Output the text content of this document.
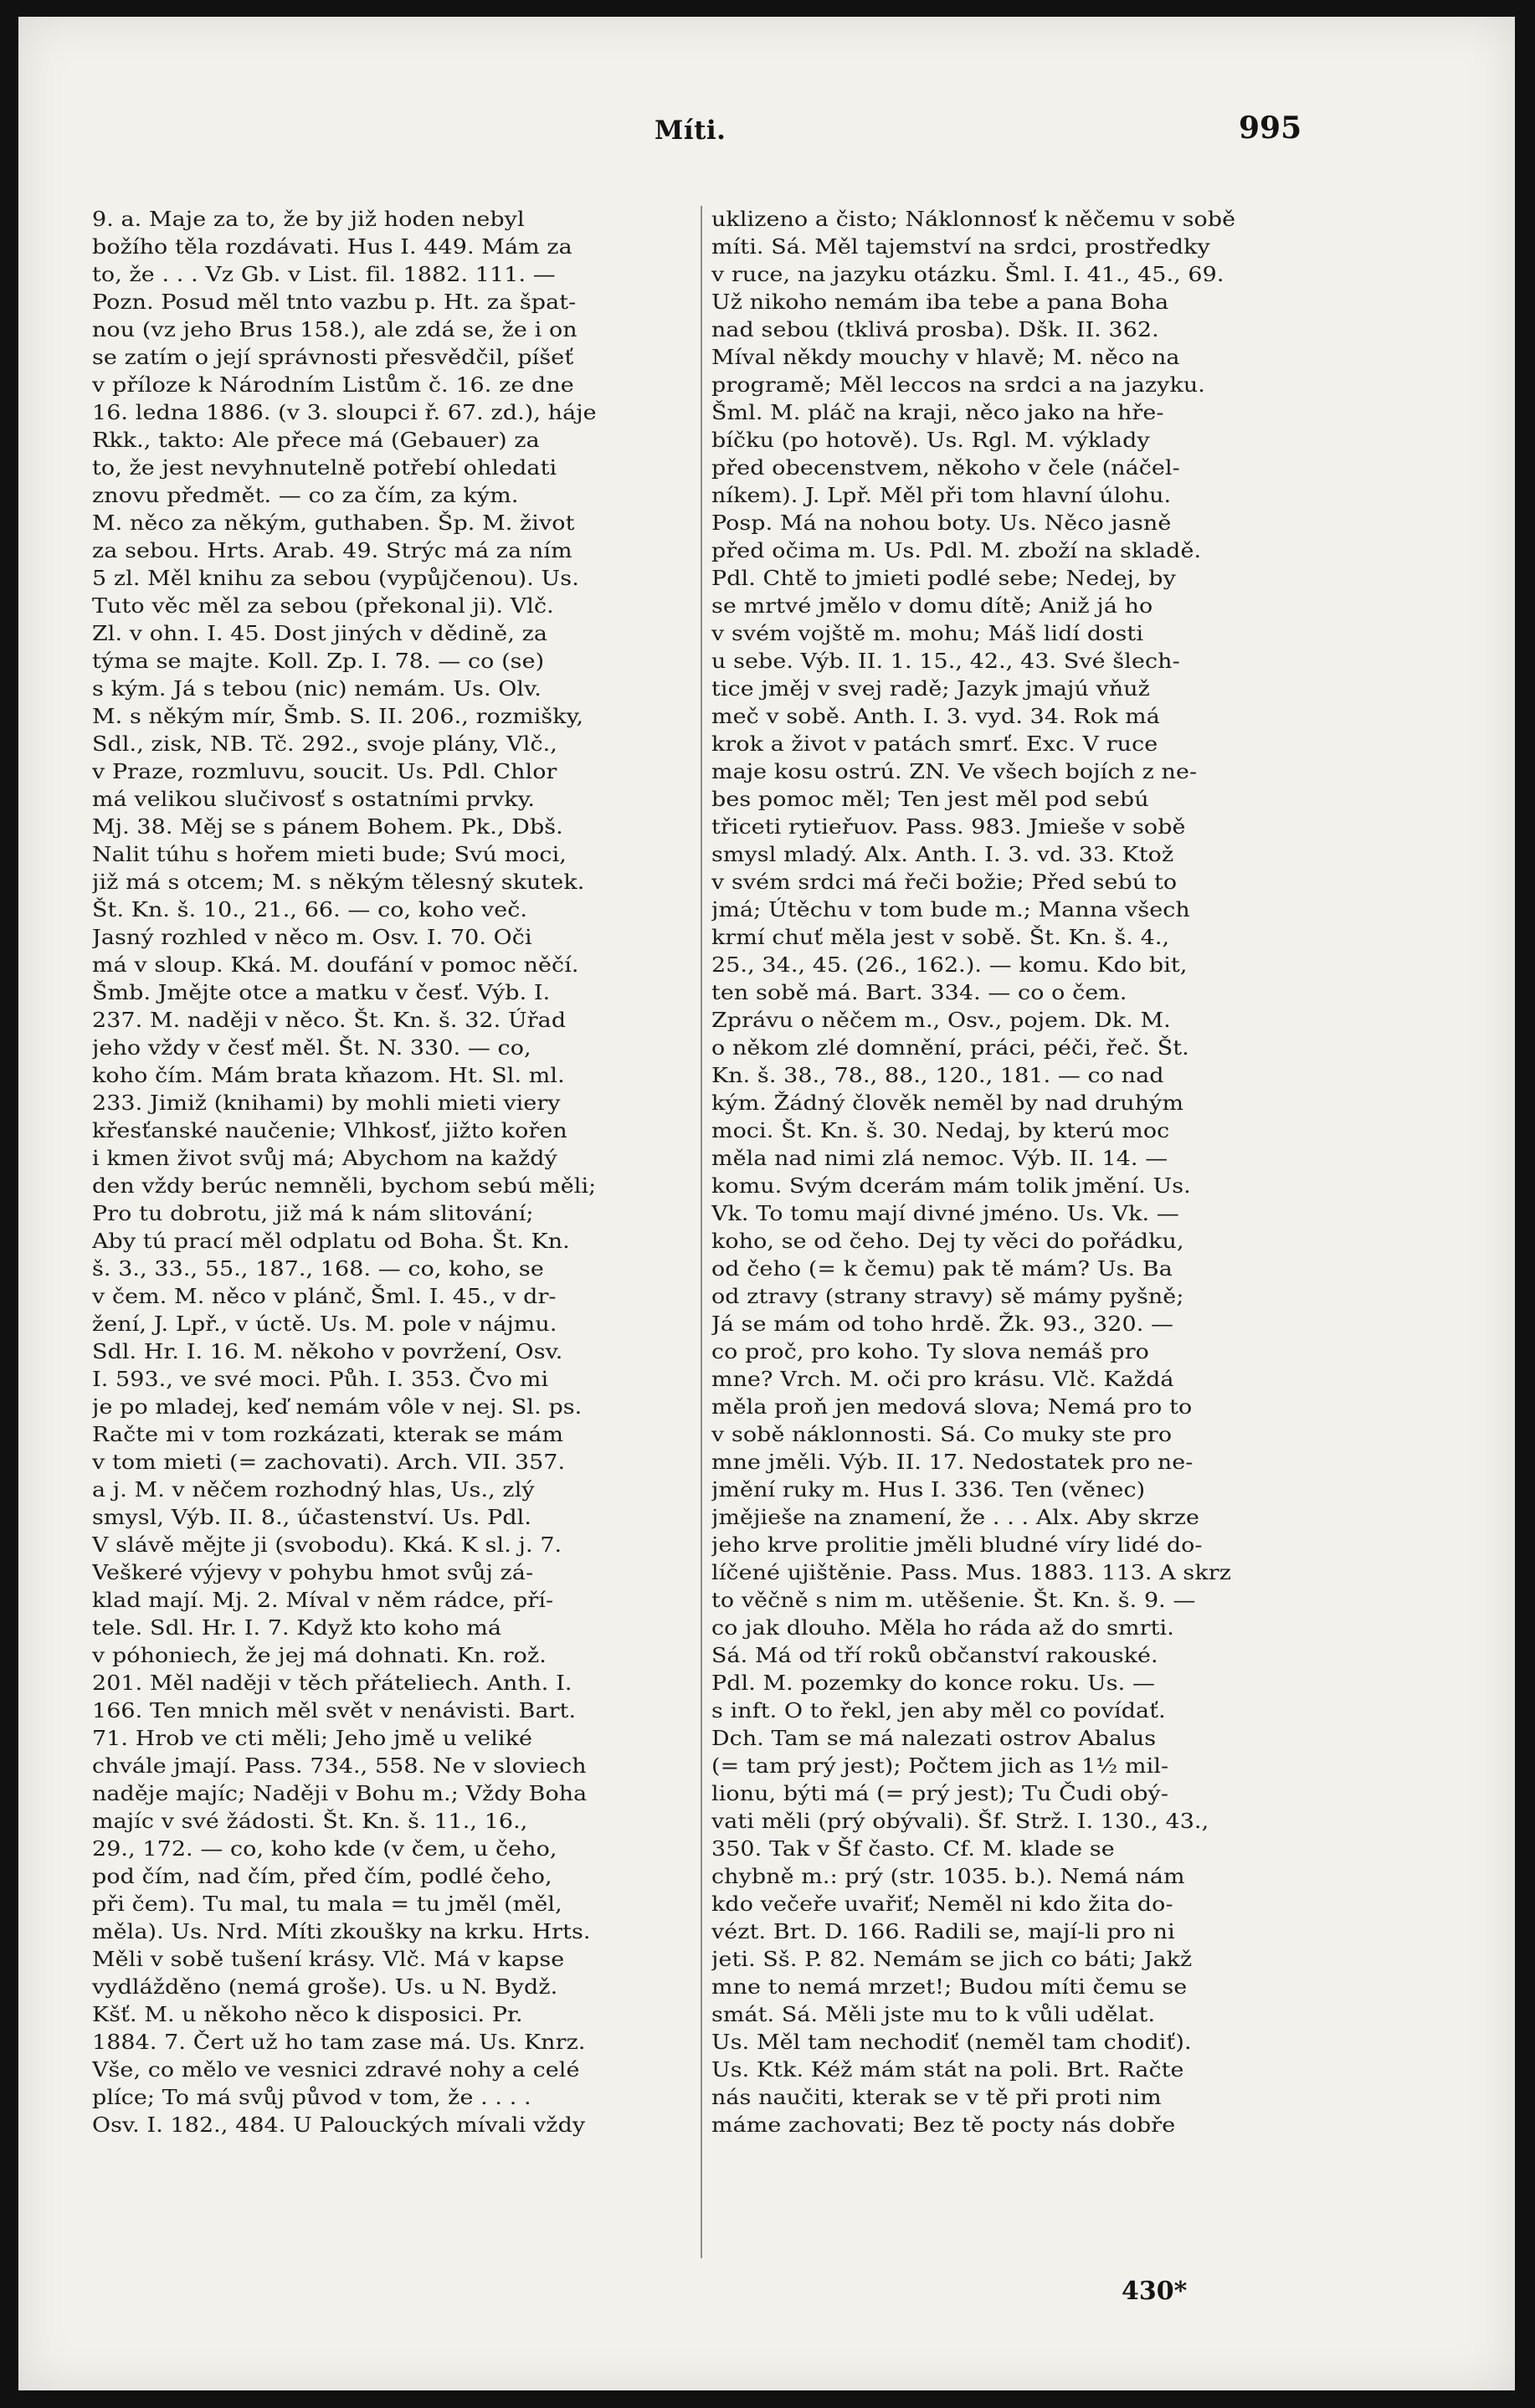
Míti.	995
9. a. Maje za to, že by již hoden nebyl
božího těla rozdávati. Hus I. 449. Mám za
to, že . . . Vz Gb. v List. fil. 1882. 111. —
Pozn. Posud měl tnto vazbu p. Ht. za špat-
nou (vz jeho Brus 158.), ale zdá se, že i on
se zatím o její správnosti přesvědčil, píšeť
v příloze k Národním Listům č. 16. ze dne
16. ledna 1886. (v 3. sloupci ř. 67. zd.), háje
Rkk., takto: Ale přece má (Gebauer) za
to, že jest nevyhnutelně potřebí ohledati
znovu předmět. — co za čím, za kým.
M. něco za někým, guthaben. Šp. M. život
za sebou. Hrts. Arab. 49. Strýc má za ním
5 zl. Měl knihu za sebou (vypůjčenou). Us.
Tuto věc měl za sebou (překonal ji). Vlč.
Zl. v ohn. I. 45. Dost jiných v dědině, za
týma se majte. Koll. Zp. I. 78. — co (se)
s kým. Já s tebou (nic) nemám. Us. Olv.
M. s někým mír, Šmb. S. II. 206., rozmišky,
Sdl., zisk, NB. Tč. 292., svoje plány, Vlč.,
v Praze, rozmluvu, soucit. Us. Pdl. Chlor
má velikou slučivosť s ostatními prvky.
Mj. 38. Měj se s pánem Bohem. Pk., Dbš.
Nalit túhu s hořem mieti bude; Svú moci,
již má s otcem; M. s někým tělesný skutek.
Št. Kn. š. 10., 21., 66. — co, koho več.
Jasný rozhled v něco m. Osv. I. 70. Oči
má v sloup. Kká. M. doufání v pomoc něčí.
Šmb. Jmějte otce a matku v česť. Výb. I.
237. M. naději v něco. Št. Kn. š. 32. Úřad
jeho vždy v česť měl. Št. N. 330. — co,
koho čím. Mám brata kňazom. Ht. Sl. ml.
233. Jimiž (knihami) by mohli mieti viery
křesťanské naučenie; Vlhkosť, jižto kořen
i kmen život svůj má; Abychom na každý
den vždy berúc nemněli, bychom sebú měli;
Pro tu dobrotu, již má k nám slitování;
Aby tú prací měl odplatu od Boha. Št. Kn.
š. 3., 33., 55., 187., 168. — co, koho, se
v čem. M. něco v plánč, Šml. I. 45., v dr-
žení, J. Lpř., v úctě. Us. M. pole v nájmu.
Sdl. Hr. I. 16. M. někoho v povržení, Osv.
I. 593., ve své moci. Půh. I. 353. Čvo mi
je po mladej, keď nemám vôle v nej. Sl. ps.
Račte mi v tom rozkázati, kterak se mám
v tom mieti (= zachovati). Arch. VII. 357.
a j. M. v něčem rozhodný hlas, Us., zlý
smysl, Výb. II. 8., účastenství. Us. Pdl.
V slávě mějte ji (svobodu). Kká. K sl. j. 7.
Veškeré výjevy v pohybu hmot svůj zá-
klad mají. Mj. 2. Míval v něm rádce, pří-
tele. Sdl. Hr. I. 7. Když kto koho má
v póhoniech, že jej má dohnati. Kn. rož.
201. Měl naději v těch přáteliech. Anth. I.
166. Ten mnich měl svět v nenávisti. Bart.
71. Hrob ve cti měli; Jeho jmě u veliké
chvále jmají. Pass. 734., 558. Ne v sloviech
naděje majíc; Naději v Bohu m.; Vždy Boha
majíc v své žádosti. Št. Kn. š. 11., 16.,
29., 172. — co, koho kde (v čem, u čeho,
pod čím, nad čím, před čím, podlé čeho,
při čem). Tu mal, tu mala = tu jměl (měl,
měla). Us. Nrd. Míti zkoušky na krku. Hrts.
Měli v sobě tušení krásy. Vlč. Má v kapse
vydlážděno (nemá groše). Us. u N. Bydž.
Kšť. M. u někoho něco k disposici. Pr.
1884. 7. Čert už ho tam zase má. Us. Knrz.
Vše, co mělo ve vesnici zdravé nohy a celé
plíce; To má svůj původ v tom, že . . . .
Osv. I. 182., 484. U Palouckých mívali vždy
uklizeno a čisto; Náklonnosť k něčemu v sobě
míti. Sá. Měl tajemství na srdci, prostředky
v ruce, na jazyku otázku. Šml. I. 41., 45., 69.
Už nikoho nemám iba tebe a pana Boha
nad sebou (tklivá prosba). Dšk. II. 362.
Míval někdy mouchy v hlavě; M. něco na
programě; Měl leccos na srdci a na jazyku.
Šml. M. pláč na kraji, něco jako na hře-
bíčku (po hotově). Us. Rgl. M. výklady
před obecenstvem, někoho v čele (náčel-
níkem). J. Lpř. Měl při tom hlavní úlohu.
Posp. Má na nohou boty. Us. Něco jasně
před očima m. Us. Pdl. M. zboží na skladě.
Pdl. Chtě to jmieti podlé sebe; Nedej, by
se mrtvé jmělo v domu dítě; Aniž já ho
v svém vojště m. mohu; Máš lidí dosti
u sebe. Výb. II. 1. 15., 42., 43. Své šlech-
tice jměj v svej radě; Jazyk jmajú vňuž
meč v sobě. Anth. I. 3. vyd. 34. Rok má
krok a život v patách smrť. Exc. V ruce
maje kosu ostrú. ZN. Ve všech bojích z ne-
bes pomoc měl; Ten jest měl pod sebú
třiceti rytieřuov. Pass. 983. Jmieše v sobě
smysl mladý. Alx. Anth. I. 3. vd. 33. Ktož
v svém srdci má řeči božie; Před sebú to
jmá; Útěchu v tom bude m.; Manna všech
krmí chuť měla jest v sobě. Št. Kn. š. 4.,
25., 34., 45. (26., 162.). — komu. Kdo bit,
ten sobě má. Bart. 334. — co o čem.
Zprávu o něčem m., Osv., pojem. Dk. M.
o někom zlé domnění, práci, péči, řeč. Št.
Kn. š. 38., 78., 88., 120., 181. — co nad
kým. Žádný člověk neměl by nad druhým
moci. Št. Kn. š. 30. Nedaj, by kterú moc
měla nad nimi zlá nemoc. Výb. II. 14. —
komu. Svým dcerám mám tolik jmění. Us.
Vk. To tomu mají divné jméno. Us. Vk. —
koho, se od čeho. Dej ty věci do pořádku,
od čeho (= k čemu) pak tě mám? Us. Ba
od ztravy (strany stravy) sě mámy pyšně;
Já se mám od toho hrdě. Žk. 93., 320. —
co proč, pro koho. Ty slova nemáš pro
mne? Vrch. M. oči pro krásu. Vlč. Každá
měla proň jen medová slova; Nemá pro to
v sobě náklonnosti. Sá. Co muky ste pro
mne jměli. Výb. II. 17. Nedostatek pro ne-
jmění ruky m. Hus I. 336. Ten (věnec)
jmějieše na znamení, že . . . Alx. Aby skrze
jeho krve prolitie jměli bludné víry lidé do-
líčené ujištěnie. Pass. Mus. 1883. 113. A skrz
to věčně s nim m. utěšenie. Št. Kn. š. 9. —
co jak dlouho. Měla ho ráda až do smrti.
Sá. Má od tří roků občanství rakouské.
Pdl. M. pozemky do konce roku. Us. —
s inft. O to řekl, jen aby měl co povídať.
Dch. Tam se má nalezati ostrov Abalus
(= tam prý jest); Počtem jich as 1½ mil-
lionu, býti má (= prý jest); Tu Čudi obý-
vati měli (prý obývali). Šf. Strž. I. 130., 43.,
350. Tak v Šf často. Cf. M. klade se
chybně m.: prý (str. 1035. b.). Nemá nám
kdo večeře uvařiť; Neměl ni kdo žita do-
vézt. Brt. D. 166. Radili se, mají-li pro ni
jeti. Sš. P. 82. Nemám se jich co báti; Jakž
mne to nemá mrzet!; Budou míti čemu se
smát. Sá. Měli jste mu to k vůli udělat.
Us. Měl tam nechodiť (neměl tam chodiť).
Us. Ktk. Kéž mám stát na poli. Brt. Račte
nás naučiti, kterak se v tě při proti nim
máme zachovati; Bez tě pocty nás dobře
430*
